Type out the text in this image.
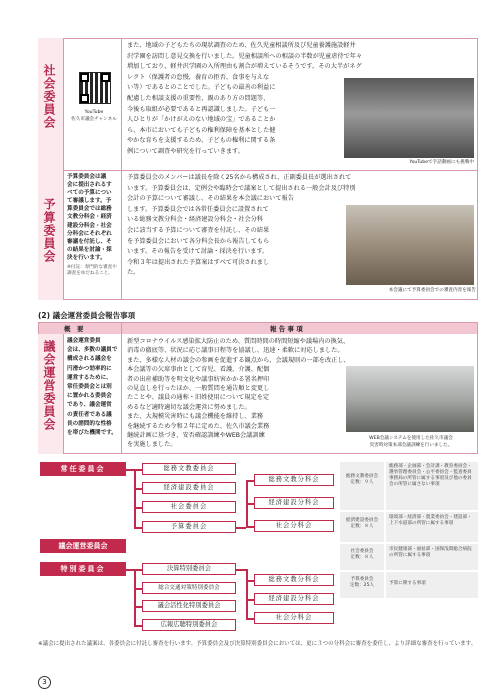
社会委員会	YouTube
佐久市議会チャンネル
また、地域の子どもたちの現状調査のため、佐久児童相談所及び児童養護施設軽井
沢学園を訪問し意見交換を行いました。児童相談所への相談の半数が児童虐待で年々
増加しており、軽井沢学園の入所理由も割合が増えているそうです。その大半がネグ
レクト（保護者の怠慢，養育の拒否、食事を与えな
い等）であるとのことでした。子どもの最善の利益に
配慮した相談支援の重要性、親のあり方の問題等、
今後も取組が必要であると再認識しました。子ども一
人ひとりが「かけがえのない地域の宝」であることか
ら、本市においても子どもの権利保障を基本とした健
やかな育ちを支援するため、子どもの権利に関する条
例について調査や研究を行っていきます。
YouTubeで手話動画にも挑戦中
予算委員会
予算委員会は議
会に提出されるす
べての予算につい
て審議します。予
算委員会では総務
文教分科会・経済
建設分科会・社会
分科会にそれぞれ
審議を付託し、そ
の結果を討論・採
決を行います。
※付託：専門的な審査や
調査をゆだねること。
予算委員会のメンバーは議長を除く25名から構成され、正副委員長が選出されて
います。予算委員会は、定例会や臨時会で議案として提出される一般会計及び特別
会計の予算について審議し、その結果を本会議において報告
します。予算委員会では各常任委員会に設置されて
いる総務文教分科会・経済建設分科会・社会分科
会に該当する予算について審査を付託し、その結果
を予算委員会において各分科会長から報告してもら
います。その報告を受けて討論・採決を行います。
令和３年は提出された予算案はすべて可決されまし
た。
本会議にて予算委員会での審査内容を報告
(2) 議会運営委員会報告事項
概　要	報 告 事 項
議会運営委員会	議会運営委員
会は、多数の議員で
構成される議会を
円滑かつ効率的に
運営するために、
常任委員会とは別
に置かれる委員会
であり、議会運営
の責任者である議
長の諮問的な性格
を帯びた機関です。
新型コロナウイルス感染拡大防止のため、質問時間の時間短縮や議場内の換気、
消毒の徹底等、状況に応じ議事日程等を協議し、迅速・柔軟に対応しました。
また、多様な人材の議会の参画を促進する観点から、会議規則の一部を改正し、
本会議等の欠席事由として育児、看護、介護、配偶
者の出産補助等を明文化や議事妨害かかる署名押印
の見直しを行ったほか、一般質問を通告順と変更し
たことや、議員の通称・旧姓使用について規定を定
めるなど適時適切な議会運営に努めました。
また、大規模災害時にも議会機能を維持し、業務
を継続するため令和２年に定めた、佐久市議会業務
継続計画に基づき、安否確認訓練やWEB会議訓練
を実施しました。
WEB会議システムを使用した佐久市議会
災害時対策本部会議訓練を行いました。
常任委員会	総務文教委員会
経済建設委員会
社会委員会
予算委員会
総務文教分科会
経済建設分科会
社会分科会
議会運営委員会
特別委員会	決算特別委員会
総合交通対策特別委員会
議会活性化特別委員会
広報広聴特別委員会
総務文教分科会
経済建設分科会
社会分科会
総務文教委員会
定数：９人
総務部・企画部・会計課・教育委員会・選挙管理委員会・公平委員会・監査委員事務局の所管に属する事項及び他の委員会の所管に属さない事項
経済建設委員会
定数：８人
環境部・経済部・農業委員会・建設部・上下水道部の所管に属する事項
社会委員会
定数：８人
市民健康部・福祉部・国保浅間総合病院の所管に属する事項
予算委員会
定数：25人	予算に関する事項
※議会に提出された議案は、各委員会に付託し審査を行います。予算委員会及び決算特別委員会においては、更に３つの分科会に審査を委任し、より詳細な審査を行っています。
3
